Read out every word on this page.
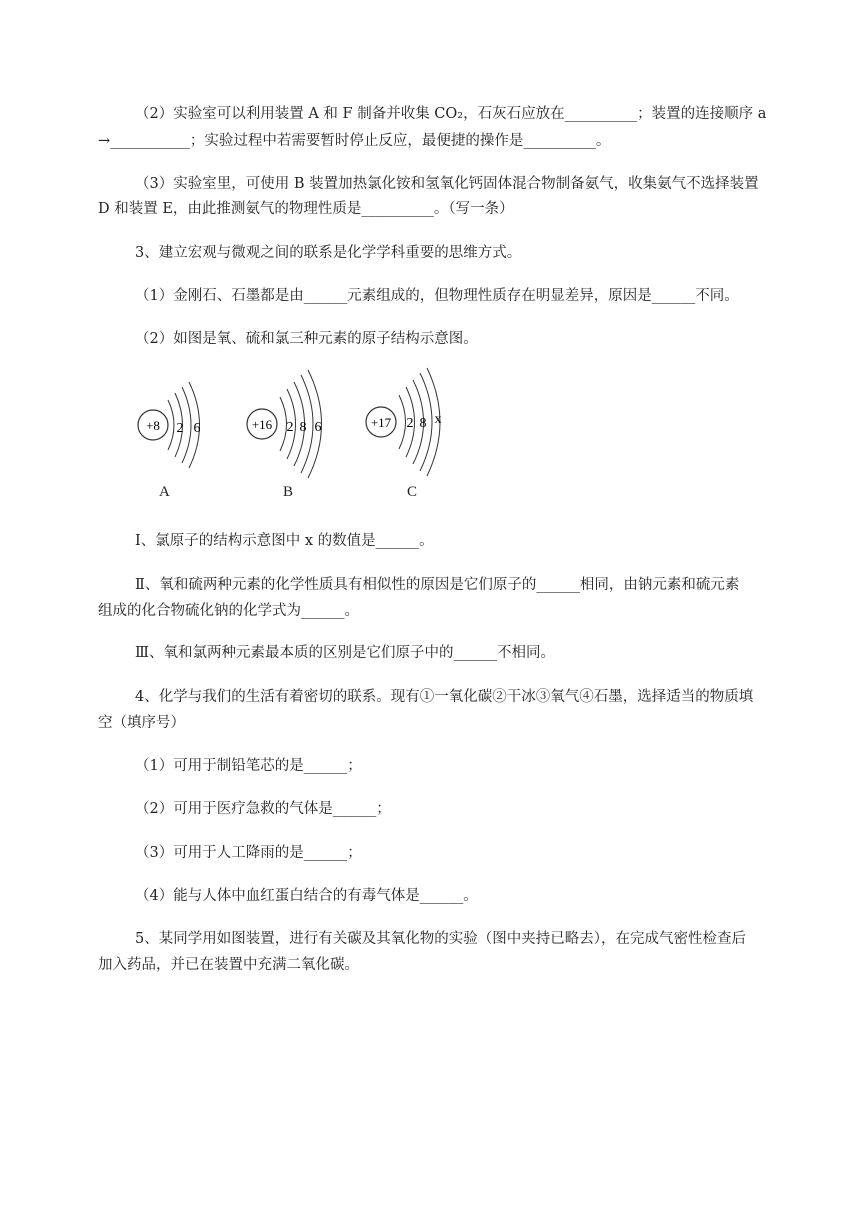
（2）实验室可以利用装置 A 和 F 制备并收集 CO₂，石灰石应放在__________；装置的连接顺序 a
→___________；实验过程中若需要暂时停止反应，最便捷的操作是__________。
（3）实验室里，可使用 B 装置加热氯化铵和氢氧化钙固体混合物制备氨气，收集氨气不选择装置
D 和装置 E，由此推测氨气的物理性质是__________。（写一条）
3、建立宏观与微观之间的联系是化学学科重要的思维方式。
（1）金刚石、石墨都是由______元素组成的，但物理性质存在明显差异，原因是______不同。
（2）如图是氧、硫和氯三种元素的原子结构示意图。
+8 2 6	+16 2 8 6	+17 2 8 x
A	B	C
Ⅰ、氯原子的结构示意图中 x 的数值是______。
Ⅱ、氧和硫两种元素的化学性质具有相似性的原因是它们原子的______相同，由钠元素和硫元素
组成的化合物硫化钠的化学式为______。
Ⅲ、氧和氯两种元素最本质的区别是它们原子中的______不相同。
4、化学与我们的生活有着密切的联系。现有①一氧化碳②干冰③氧气④石墨，选择适当的物质填
空（填序号）
（1）可用于制铅笔芯的是______；
（2）可用于医疗急救的气体是______；
（3）可用于人工降雨的是______；
（4）能与人体中血红蛋白结合的有毒气体是______。
5、某同学用如图装置，进行有关碳及其氧化物的实验（图中夹持已略去），在完成气密性检查后
加入药品，并已在装置中充满二氧化碳。
